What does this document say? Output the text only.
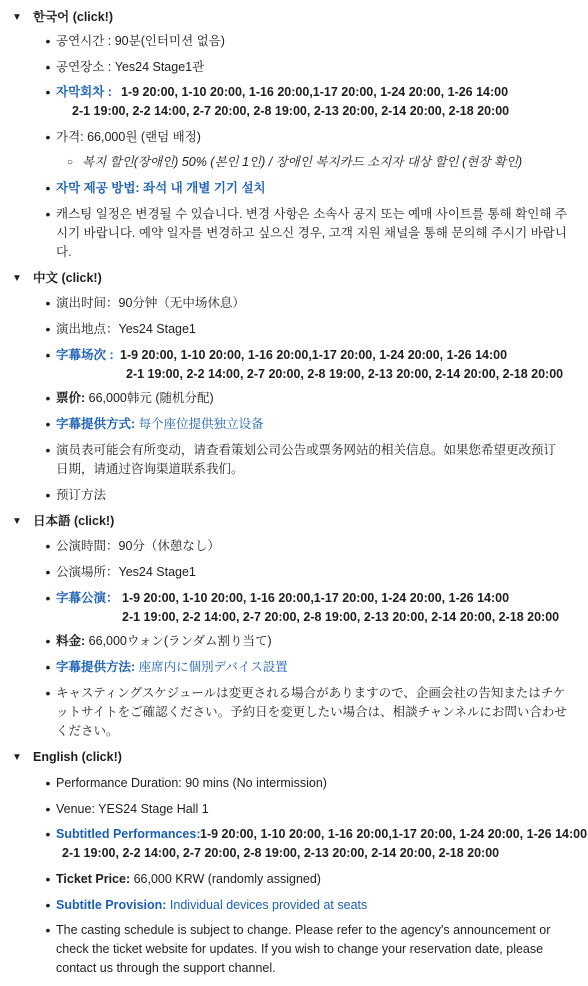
▼ 한국어 (click!)
• 공연시간 : 90분(인터미션 없음)
• 공연장소 : Yes24 Stage1관
• 자막회차 : 1-9 20:00, 1-10 20:00, 1-16 20:00,1-17 20:00, 1-24 20:00, 1-26 14:00
2-1 19:00, 2-2 14:00, 2-7 20:00, 2-8 19:00, 2-13 20:00, 2-14 20:00, 2-18 20:00
• 가격: 66,000원 (랜덤 배정)
○ 복지 할인(장애인) 50% (본인 1인) / 장애인 복지카드 소지자 대상 할인 (현장 확인)
• 자막 제공 방법: 좌석 내 개별 기기 설치
• 캐스팅 일정은 변경될 수 있습니다. 변경 사항은 소속사 공지 또는 예매 사이트를 통해 확인해 주시기 바랍니다. 예약 일자를 변경하고 싶으신 경우, 고객 지원 채널을 통해 문의해 주시기 바랍니다.
▼ 中文 (click!)
• 演出时间：90分钟（无中场休息）
• 演出地点：Yes24 Stage1
• 字幕场次 : 1-9 20:00, 1-10 20:00, 1-16 20:00,1-17 20:00, 1-24 20:00, 1-26 14:00
2-1 19:00, 2-2 14:00, 2-7 20:00, 2-8 19:00, 2-13 20:00, 2-14 20:00, 2-18 20:00
• 票价: 66,000韩元 (随机分配)
• 字幕提供方式: 每个座位提供独立设备
• 演员表可能会有所变动，请查看策划公司公告或票务网站的相关信息。如果您希望更改预订日期，请通过咨询渠道联系我们。
• 预订方法
▼ 日本語 (click!)
• 公演時間：90分（休憩なし）
• 公演場所：Yes24 Stage1
• 字幕公演： 1-9 20:00, 1-10 20:00, 1-16 20:00,1-17 20:00, 1-24 20:00, 1-26 14:00
2-1 19:00, 2-2 14:00, 2-7 20:00, 2-8 19:00, 2-13 20:00, 2-14 20:00, 2-18 20:00
• 料金: 66,000ウォン(ランダム割り当て)
• 字幕提供方法: 座席内に個別デバイス設置
• キャスティングスケジュールは変更される場合がありますので、企画会社の告知またはチケットサイトをご確認ください。予約日を変更したい場合は、相談チャンネルにお問い合わせください。
▼ English (click!)
• Performance Duration: 90 mins (No intermission)
• Venue: YES24 Stage Hall 1
• Subtitled Performances: 1-9 20:00, 1-10 20:00, 1-16 20:00,1-17 20:00, 1-24 20:00, 1-26 14:00
2-1 19:00, 2-2 14:00, 2-7 20:00, 2-8 19:00, 2-13 20:00, 2-14 20:00, 2-18 20:00
• Ticket Price: 66,000 KRW (randomly assigned)
• Subtitle Provision: Individual devices provided at seats
• The casting schedule is subject to change. Please refer to the agency's announcement or check the ticket website for updates. If you wish to change your reservation date, please contact us through the support channel.
